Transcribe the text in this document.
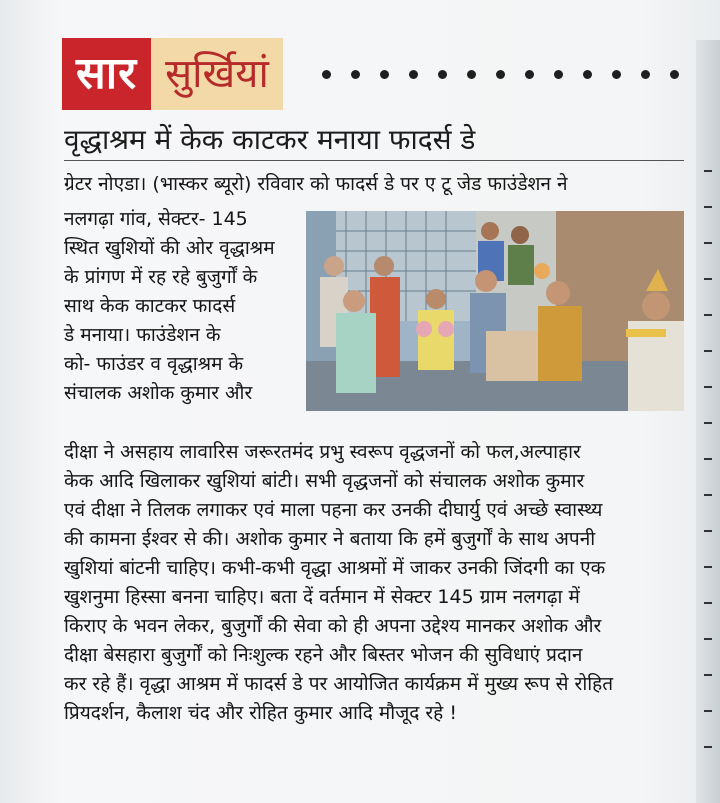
सार सुर्खियां
वृद्धाश्रम में केक काटकर मनाया फादर्स डे
ग्रेटर नोएडा। (भास्कर ब्यूरो) रविवार को फादर्स डे पर ए टू जेड फाउंडेशन ने
नलगढ़ा गांव, सेक्टर- 145
स्थित खुशियों की ओर वृद्धाश्रम
के प्रांगण में रह रहे बुजुर्गों के
साथ केक काटकर फादर्स
डे मनाया। फाउंडेशन के
को- फाउंडर व वृद्धाश्रम के
संचालक अशोक कुमार और
दीक्षा ने असहाय लावारिस जरूरतमंद प्रभु स्वरूप वृद्धजनों को फल,अल्पाहार
केक आदि खिलाकर खुशियां बांटी। सभी वृद्धजनों को संचालक अशोक कुमार
एवं दीक्षा ने तिलक लगाकर एवं माला पहना कर उनकी दीघार्यु एवं अच्छे स्वास्थ्य
की कामना ईश्वर से की। अशोक कुमार ने बताया कि हमें बुजुर्गों के साथ अपनी
खुशियां बांटनी चाहिए। कभी-कभी वृद्धा आश्रमों में जाकर उनकी जिंदगी का एक
खुशनुमा हिस्सा बनना चाहिए। बता दें वर्तमान में सेक्टर 145 ग्राम नलगढ़ा में
किराए के भवन लेकर, बुजुर्गों की सेवा को ही अपना उद्देश्य मानकर अशोक और
दीक्षा बेसहारा बुजुर्गों को निःशुल्क रहने और बिस्तर भोजन की सुविधाएं प्रदान
कर रहे हैं। वृद्धा आश्रम में फादर्स डे पर आयोजित कार्यक्रम में मुख्य रूप से रोहित
प्रियदर्शन, कैलाश चंद और रोहित कुमार आदि मौजूद रहे !
